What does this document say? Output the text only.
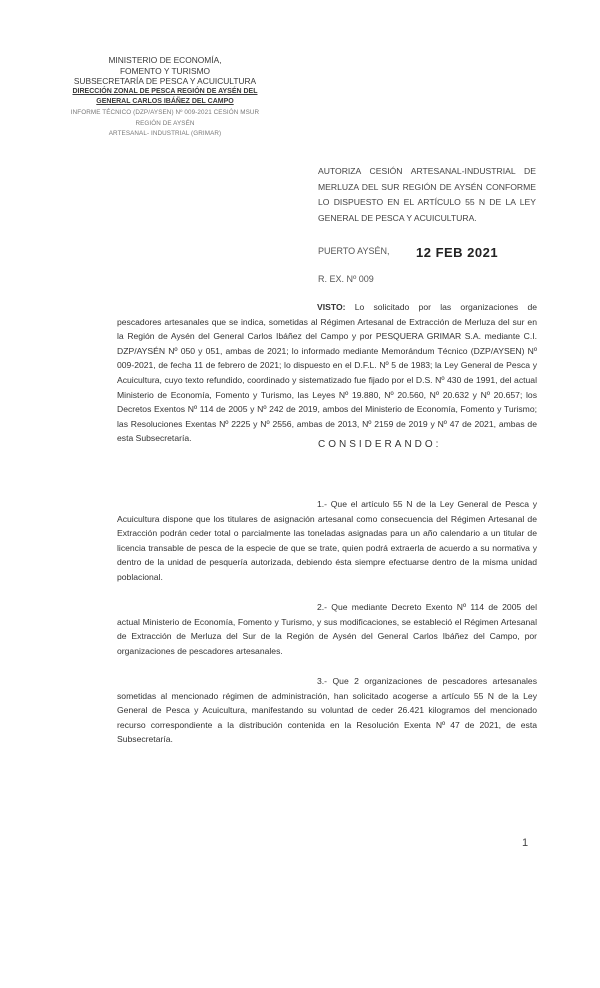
MINISTERIO DE ECONOMÍA,
FOMENTO Y TURISMO
SUBSECRETARÍA DE PESCA Y ACUICULTURA
DIRECCIÓN ZONAL DE PESCA REGIÓN DE AYSÉN DEL
GENERAL CARLOS IBÁÑEZ DEL CAMPO
INFORME TÉCNICO (DZP/AYSEN) Nº 009-2021 CESIÓN MSUR
REGIÓN DE AYSÉN
ARTESANAL- INDUSTRIAL (GRIMAR)
AUTORIZA CESIÓN ARTESANAL-INDUSTRIAL DE MERLUZA DEL SUR REGIÓN DE AYSÉN CONFORME LO DISPUESTO EN EL ARTÍCULO 55 N DE LA LEY GENERAL DE PESCA Y ACUICULTURA.
PUERTO AYSÉN, 12 FEB 2021
R. EX. Nº 009
VISTO: Lo solicitado por las organizaciones de pescadores artesanales que se indica, sometidas al Régimen Artesanal de Extracción de Merluza del sur en la Región de Aysén del General Carlos Ibáñez del Campo y por PESQUERA GRIMAR S.A. mediante C.I. DZP/AYSÉN Nº 050 y 051, ambas de 2021; lo informado mediante Memorándum Técnico (DZP/AYSEN) Nº 009-2021, de fecha 11 de febrero de 2021; lo dispuesto en el D.F.L. Nº 5 de 1983; la Ley General de Pesca y Acuicultura, cuyo texto refundido, coordinado y sistematizado fue fijado por el D.S. Nº 430 de 1991, del actual Ministerio de Economía, Fomento y Turismo, las Leyes Nº 19.880, Nº 20.560, Nº 20.632 y Nº 20.657; los Decretos Exentos Nº 114 de 2005 y Nº 242 de 2019, ambos del Ministerio de Economía, Fomento y Turismo; las Resoluciones Exentas Nº 2225 y Nº 2556, ambas de 2013, Nº 2159 de 2019 y Nº 47 de 2021, ambas de esta Subsecretaría.
CONSIDERANDO:
1.- Que el artículo 55 N de la Ley General de Pesca y Acuicultura dispone que los titulares de asignación artesanal como consecuencia del Régimen Artesanal de Extracción podrán ceder total o parcialmente las toneladas asignadas para un año calendario a un titular de licencia transable de pesca de la especie de que se trate, quien podrá extraerla de acuerdo a su normativa y dentro de la unidad de pesquería autorizada, debiendo ésta siempre efectuarse dentro de la misma unidad poblacional.
2.- Que mediante Decreto Exento Nº 114 de 2005 del actual Ministerio de Economía, Fomento y Turismo, y sus modificaciones, se estableció el Régimen Artesanal de Extracción de Merluza del Sur de la Región de Aysén del General Carlos Ibáñez del Campo, por organizaciones de pescadores artesanales.
3.- Que 2 organizaciones de pescadores artesanales sometidas al mencionado régimen de administración, han solicitado acogerse a artículo 55 N de la Ley General de Pesca y Acuicultura, manifestando su voluntad de ceder 26.421 kilogramos del mencionado recurso correspondiente a la distribución contenida en la Resolución Exenta Nº 47 de 2021, de esta Subsecretaría.
1
